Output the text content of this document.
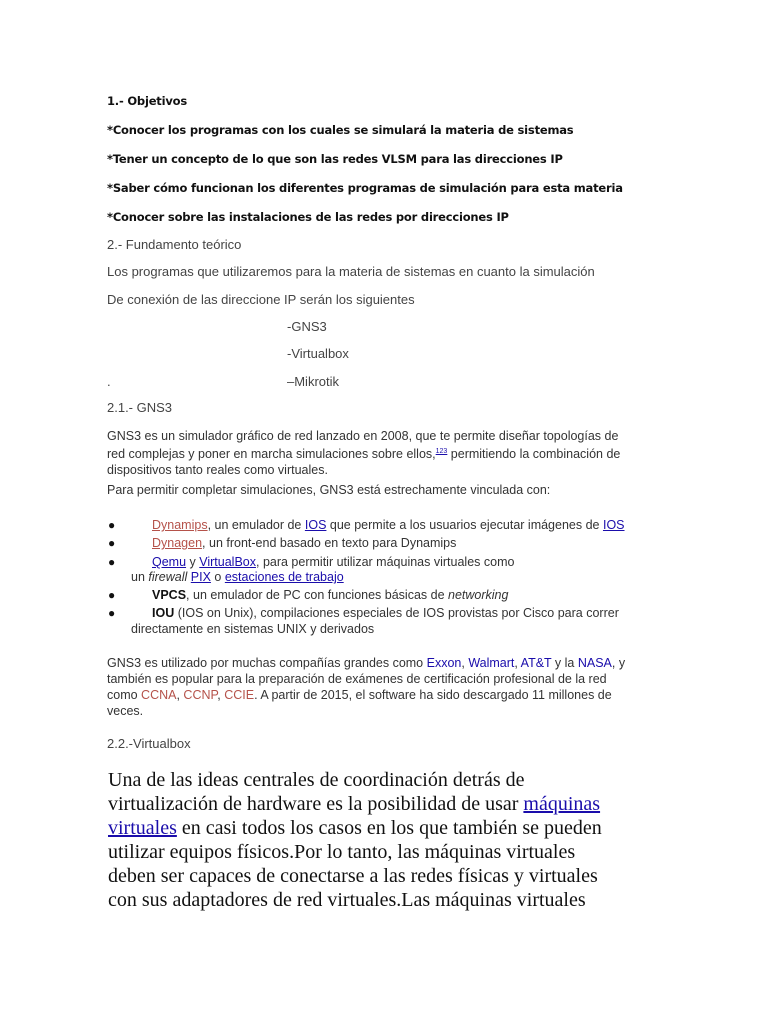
1.- Objetivos
*Conocer los programas con los cuales se simulará la materia de sistemas
*Tener un concepto de lo que son las redes VLSM para las direcciones IP
*Saber cómo funcionan los diferentes programas de simulación para esta materia
*Conocer sobre las instalaciones de las redes por direcciones IP
2.- Fundamento teórico
Los programas que utilizaremos para la materia de sistemas en cuanto la simulación
De conexión de las direccione IP serán los siguientes
-GNS3
-Virtualbox
.	–Mikrotik
2.1.- GNS3
GNS3 es un simulador gráfico de red lanzado en 2008, que te permite diseñar topologías de
red complejas y poner en marcha simulaciones sobre ellos,$^{123}$ permitiendo la combinación de
dispositivos tanto reales como virtuales.
Para permitir completar simulaciones, GNS3 está estrechamente vinculada con:
●	Dynamips, un emulador de IOS que permite a los usuarios ejecutar imágenes de IOS
●	Dynagen, un front-end basado en texto para Dynamips
●	Qemu y VirtualBox, para permitir utilizar máquinas virtuales como
un firewall PIX o estaciones de trabajo
●	VPCS, un emulador de PC con funciones básicas de networking
●	IOU (IOS on Unix), compilaciones especiales de IOS provistas por Cisco para correr
directamente en sistemas UNIX y derivados
GNS3 es utilizado por muchas compañías grandes como Exxon, Walmart, AT&T y la NASA, y
también es popular para la preparación de exámenes de certificación profesional de la red
como CCNA, CCNP, CCIE. A partir de 2015, el software ha sido descargado 11 millones de
veces.
2.2.-Virtualbox
Una de las ideas centrales de coordinación detrás de
virtualización de hardware es la posibilidad de usar máquinas
virtuales en casi todos los casos en los que también se pueden
utilizar equipos físicos.Por lo tanto, las máquinas virtuales
deben ser capaces de conectarse a las redes físicas y virtuales
con sus adaptadores de red virtuales.Las máquinas virtuales
